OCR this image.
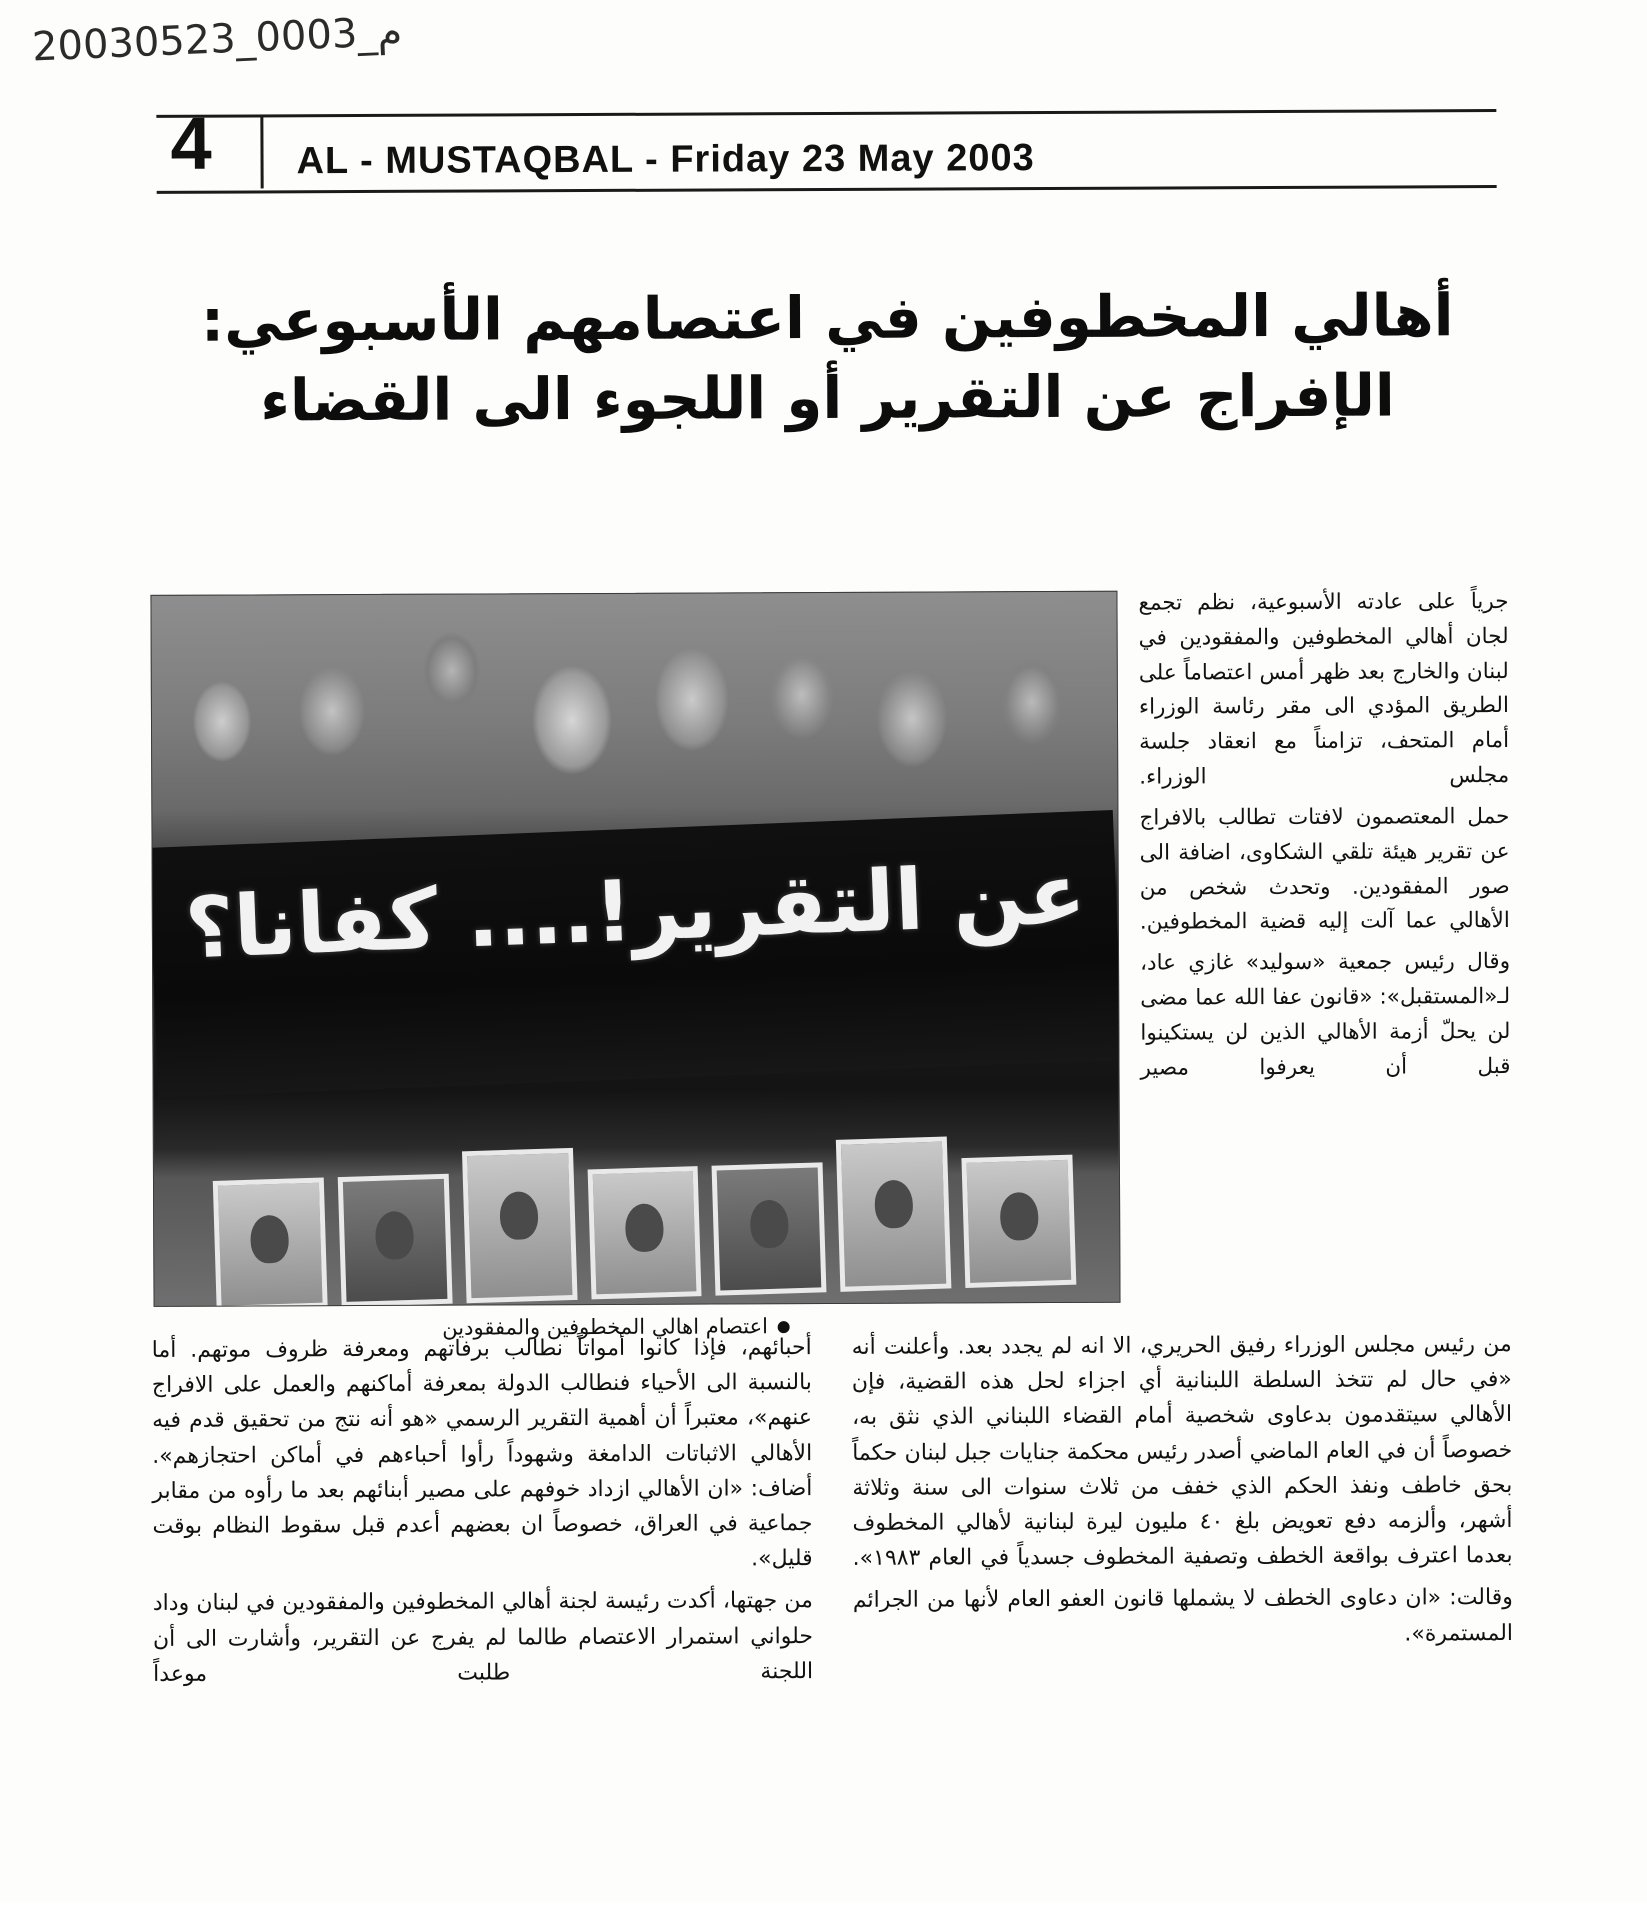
20030523_0003_م
4 AL - MUSTAQBAL - Friday 23 May 2003
أهالي المخطوفين في اعتصامهم الأسبوعي:
الإفراج عن التقرير أو اللجوء الى القضاء
عن التقرير!.... كفانا؟
اعتصام اهالي المخطوفين والمفقودين

جرياً على عادته الأسبوعية، نظم تجمع لجان أهالي المخطوفين والمفقودين في لبنان والخارج بعد ظهر أمس اعتصاماً على الطريق المؤدي الى مقر رئاسة الوزراء أمام المتحف، تزامناً مع انعقاد جلسة مجلس الوزراء.

حمل المعتصمون لافتات تطالب بالافراج عن تقرير هيئة تلقي الشكاوى، اضافة الى صور المفقودين. وتحدث شخص من الأهالي عما آلت إليه قضية المخطوفين.

وقال رئيس جمعية «سوليد» غازي عاد، لـ«المستقبل»: «قانون عفا الله عما مضى لن يحلّ أزمة الأهالي الذين لن يستكينوا قبل أن يعرفوا مصير

أحبائهم، فإذا كانوا أمواتاً نطالب برفاتهم ومعرفة ظروف موتهم. أما بالنسبة الى الأحياء فنطالب الدولة بمعرفة أماكنهم والعمل على الافراج عنهم»، معتبراً أن أهمية التقرير الرسمي «هو أنه نتج من تحقيق قدم فيه الأهالي الاثباتات الدامغة وشهوداً رأوا أحباءهم في أماكن احتجازهم». أضاف: «ان الأهالي ازداد خوفهم على مصير أبنائهم بعد ما رأوه من مقابر جماعية في العراق، خصوصاً ان بعضهم أعدم قبل سقوط النظام بوقت قليل».

من جهتها، أكدت رئيسة لجنة أهالي المخطوفين والمفقودين في لبنان وداد حلواني استمرار الاعتصام طالما لم يفرج عن التقرير، وأشارت الى أن اللجنة طلبت موعداً

من رئيس مجلس الوزراء رفيق الحريري، الا انه لم يجدد بعد. وأعلنت أنه «في حال لم تتخذ السلطة اللبنانية أي اجزاء لحل هذه القضية، فإن الأهالي سيتقدمون بدعاوى شخصية أمام القضاء اللبناني الذي نثق به، خصوصاً أن في العام الماضي أصدر رئيس محكمة جنايات جبل لبنان حكماً بحق خاطف ونفذ الحكم الذي خفف من ثلاث سنوات الى سنة وثلاثة أشهر، وألزمه دفع تعويض بلغ ٤٠ مليون ليرة لبنانية لأهالي المخطوف بعدما اعترف بواقعة الخطف وتصفية المخطوف جسدياً في العام ١٩٨٣».

وقالت: «ان دعاوى الخطف لا يشملها قانون العفو العام لأنها من الجرائم المستمرة».
